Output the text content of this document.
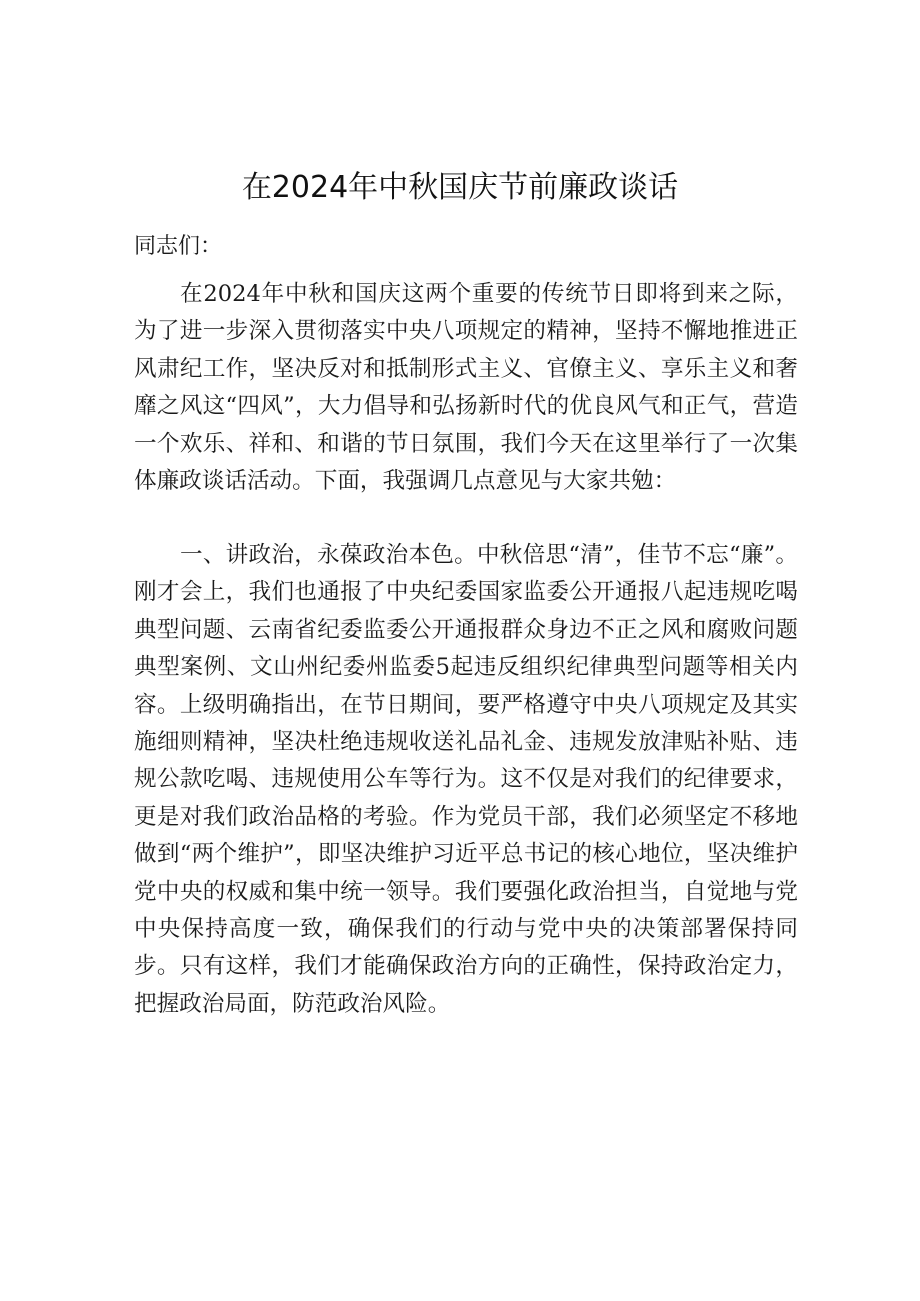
在2024年中秋国庆节前廉政谈话

同志们：

在2024年中秋和国庆这两个重要的传统节日即将到来之际，为了进一步深入贯彻落实中央八项规定的精神，坚持不懈地推进正风肃纪工作，坚决反对和抵制形式主义、官僚主义、享乐主义和奢靡之风这“四风”，大力倡导和弘扬新时代的优良风气和正气，营造一个欢乐、祥和、和谐的节日氛围，我们今天在这里举行了一次集体廉政谈话活动。下面，我强调几点意见与大家共勉：

一、讲政治，永葆政治本色。中秋倍思“清”，佳节不忘“廉”。刚才会上，我们也通报了中央纪委国家监委公开通报八起违规吃喝典型问题、云南省纪委监委公开通报群众身边不正之风和腐败问题典型案例、文山州纪委州监委5起违反组织纪律典型问题等相关内容。上级明确指出，在节日期间，要严格遵守中央八项规定及其实施细则精神，坚决杜绝违规收送礼品礼金、违规发放津贴补贴、违规公款吃喝、违规使用公车等行为。这不仅是对我们的纪律要求，更是对我们政治品格的考验。作为党员干部，我们必须坚定不移地做到“两个维护”，即坚决维护习近平总书记的核心地位，坚决维护党中央的权威和集中统一领导。我们要强化政治担当，自觉地与党中央保持高度一致，确保我们的行动与党中央的决策部署保持同步。只有这样，我们才能确保政治方向的正确性，保持政治定力，把握政治局面，防范政治风险。
